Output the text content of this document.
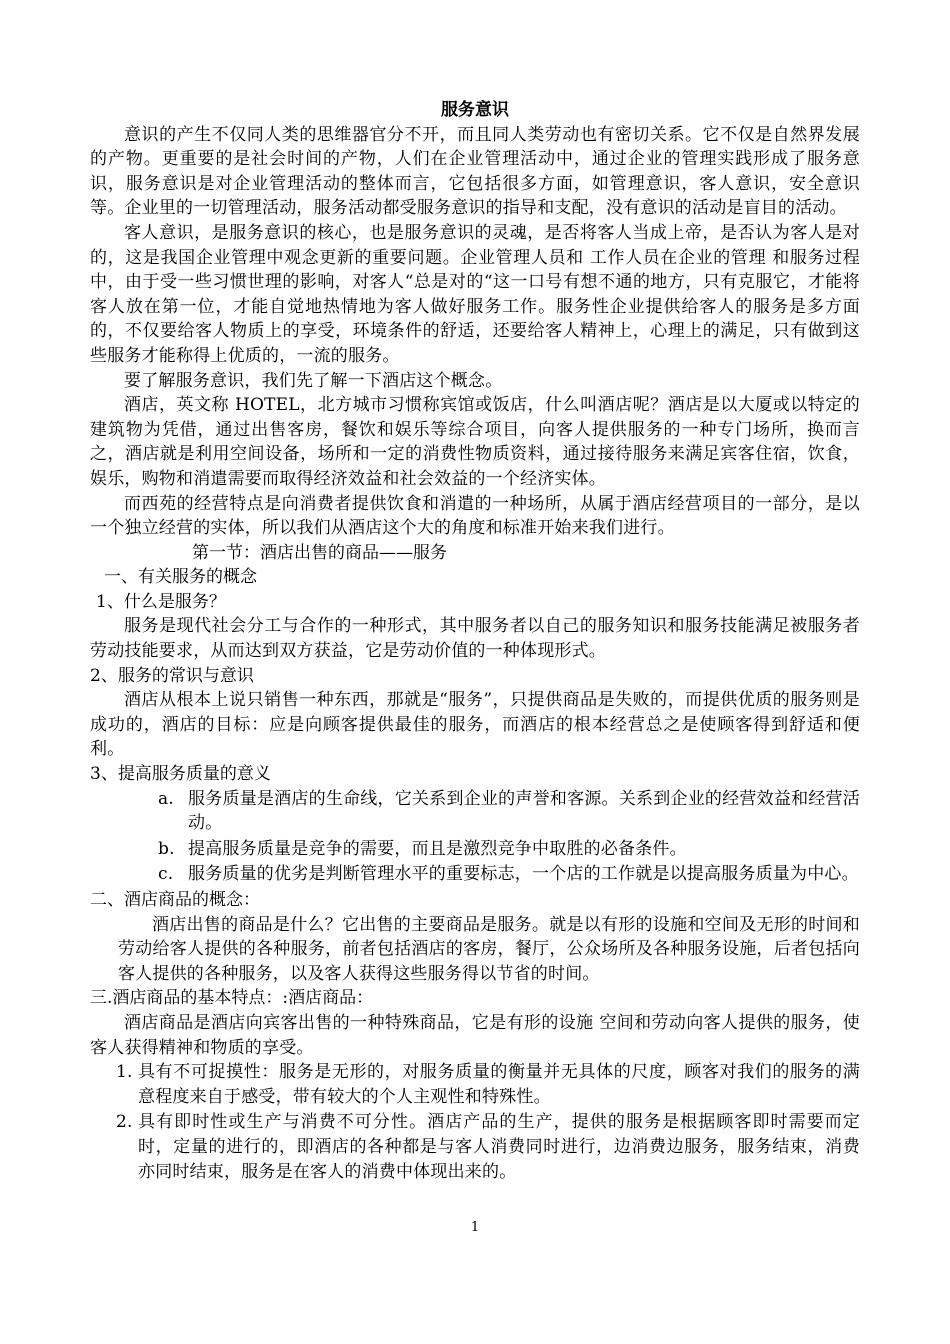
服务意识

意识的产生不仅同人类的思维器官分不开，而且同人类劳动也有密切关系。它不仅是自然界发展的产物。更重要的是社会时间的产物，人们在企业管理活动中，通过企业的管理实践形成了服务意识，服务意识是对企业管理活动的整体而言，它包括很多方面，如管理意识，客人意识，安全意识等。企业里的一切管理活动，服务活动都受服务意识的指导和支配，没有意识的活动是盲目的活动。

客人意识，是服务意识的核心，也是服务意识的灵魂，是否将客人当成上帝，是否认为客人是对的，这是我国企业管理中观念更新的重要问题。企业管理人员和 工作人员在企业的管理 和服务过程中，由于受一些习惯世理的影响，对客人“总是对的“这一口号有想不通的地方，只有克服它，才能将客人放在第一位，才能自觉地热情地为客人做好服务工作。服务性企业提供给客人的服务是多方面的，不仅要给客人物质上的享受，环境条件的舒适，还要给客人精神上，心理上的满足，只有做到这些服务才能称得上优质的，一流的服务。

要了解服务意识，我们先了解一下酒店这个概念。

酒店，英文称 HOTEL，北方城市习惯称宾馆或饭店，什么叫酒店呢？酒店是以大厦或以特定的建筑物为凭借，通过出售客房，餐饮和娱乐等综合项目，向客人提供服务的一种专门场所，换而言之，酒店就是利用空间设备，场所和一定的消费性物质资料，通过接待服务来满足宾客住宿，饮食，娱乐，购物和消遣需要而取得经济效益和社会效益的一个经济实体。

而西苑的经营特点是向消费者提供饮食和消遣的一种场所，从属于酒店经营项目的一部分，是以一个独立经营的实体，所以我们从酒店这个大的角度和标准开始来我们进行。

第一节：酒店出售的商品——服务

一、有关服务的概念

1、什么是服务？

服务是现代社会分工与合作的一种形式，其中服务者以自己的服务知识和服务技能满足被服务者劳动技能要求，从而达到双方获益，它是劳动价值的一种体现形式。

2、服务的常识与意识

酒店从根本上说只销售一种东西，那就是“服务”，只提供商品是失败的，而提供优质的服务则是成功的，酒店的目标：应是向顾客提供最佳的服务，而酒店的根本经营总之是使顾客得到舒适和便利。

3、提高服务质量的意义

a. 服务质量是酒店的生命线，它关系到企业的声誉和客源。关系到企业的经营效益和经营活动。
b. 提高服务质量是竞争的需要，而且是激烈竞争中取胜的必备条件。
c. 服务质量的优劣是判断管理水平的重要标志，一个店的工作就是以提高服务质量为中心。

二、酒店商品的概念：

酒店出售的商品是什么？它出售的主要商品是服务。就是以有形的设施和空间及无形的时间和劳动给客人提供的各种服务，前者包括酒店的客房，餐厅，公众场所及各种服务设施，后者包括向客人提供的各种服务，以及客人获得这些服务得以节省的时间。

三.酒店商品的基本特点：:酒店商品：

酒店商品是酒店向宾客出售的一种特殊商品，它是有形的设施 空间和劳动向客人提供的服务，使客人获得精神和物质的享受。

1. 具有不可捉摸性：服务是无形的，对服务质量的衡量并无具体的尺度，顾客对我们的服务的满意程度来自于感受，带有较大的个人主观性和特殊性。
2. 具有即时性或生产与消费不可分性。酒店产品的生产，提供的服务是根据顾客即时需要而定时，定量的进行的，即酒店的各种都是与客人消费同时进行，边消费边服务，服务结束，消费亦同时结束，服务是在客人的消费中体现出来的。
1
